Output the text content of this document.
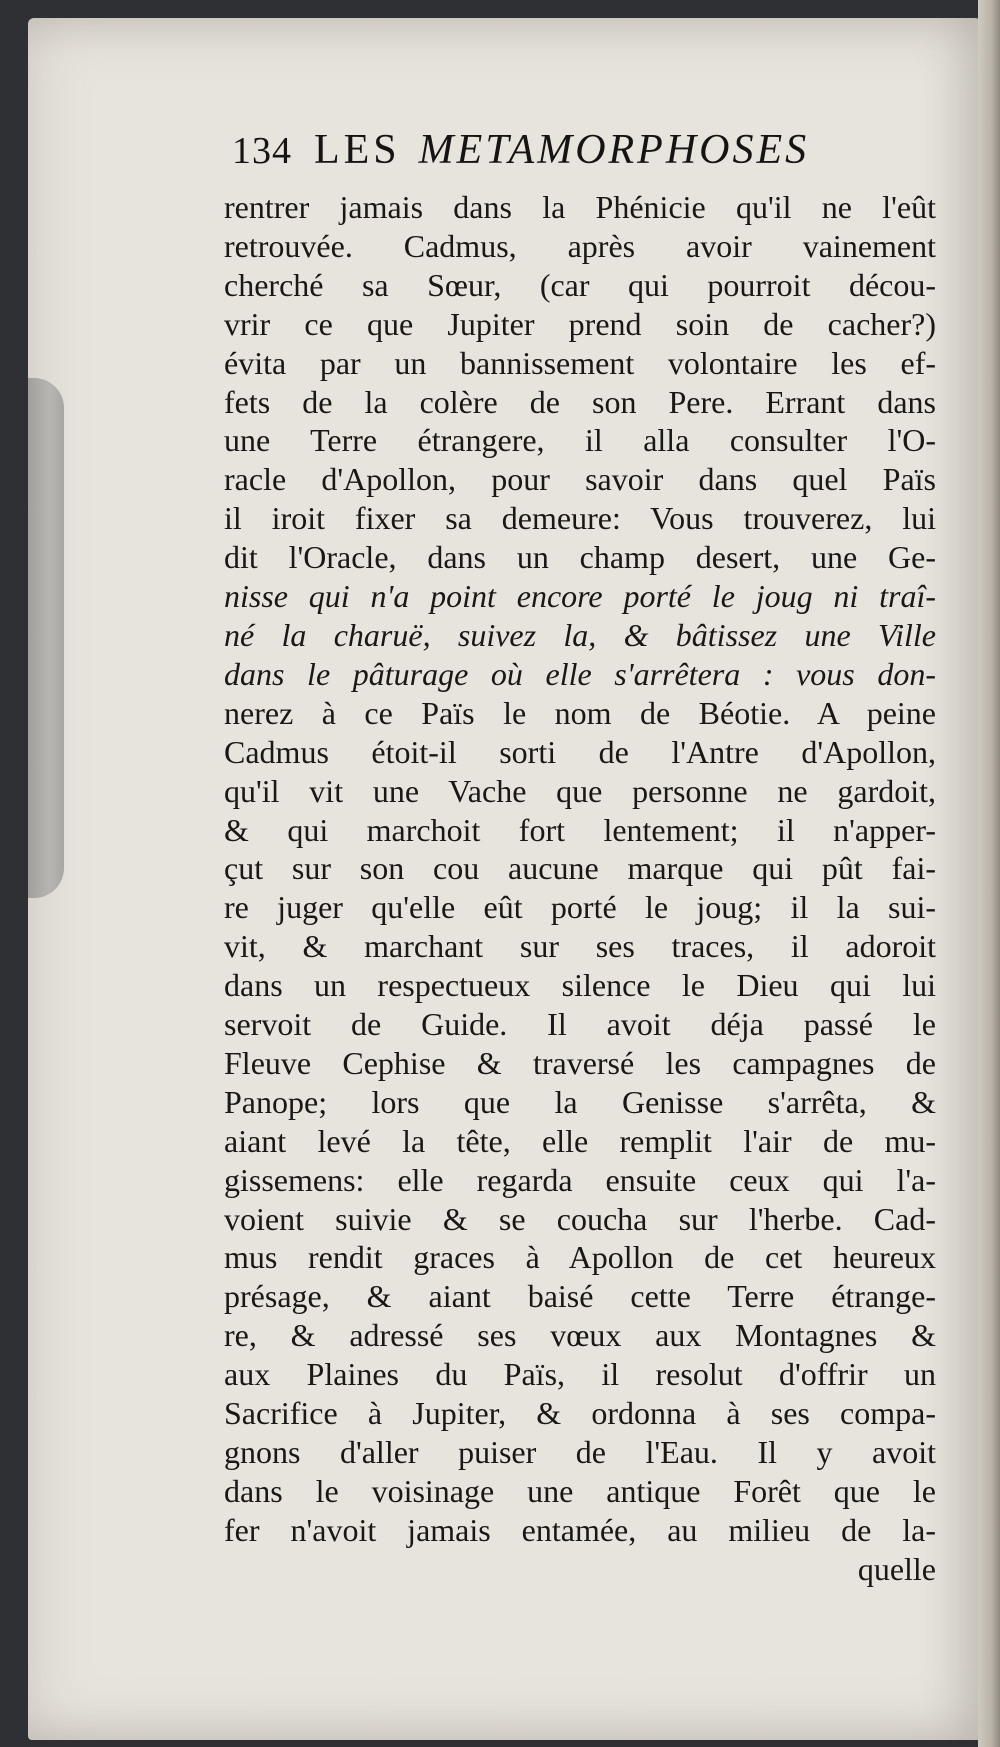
134 LES METAMORPHOSES
rentrer jamais dans la Phénicie qu'il ne l'eût
retrouvée. Cadmus, après avoir vainement
cherché sa Sœur, (car qui pourroit décou-
vrir ce que Jupiter prend soin de cacher?)
évita par un bannissement volontaire les ef-
fets de la colère de son Pere. Errant dans
une Terre étrangere, il alla consulter l'O-
racle d'Apollon, pour savoir dans quel Païs
il iroit fixer sa demeure: Vous trouverez, lui
dit l'Oracle, dans un champ desert, une Ge-
nisse qui n'a point encore porté le joug ni traî-
né la charuë, suivez la, & bâtissez une Ville
dans le pâturage où elle s'arrêtera : vous don-
nerez à ce Païs le nom de Béotie. A peine
Cadmus étoit-il sorti de l'Antre d'Apollon,
qu'il vit une Vache que personne ne gardoit,
& qui marchoit fort lentement; il n'apper-
çut sur son cou aucune marque qui pût fai-
re juger qu'elle eût porté le joug; il la sui-
vit, & marchant sur ses traces, il adoroit
dans un respectueux silence le Dieu qui lui
servoit de Guide. Il avoit déja passé le
Fleuve Cephise & traversé les campagnes de
Panope; lors que la Genisse s'arrêta, &
aiant levé la tête, elle remplit l'air de mu-
gissemens: elle regarda ensuite ceux qui l'a-
voient suivie & se coucha sur l'herbe. Cad-
mus rendit graces à Apollon de cet heureux
présage, & aiant baisé cette Terre étrange-
re, & adressé ses vœux aux Montagnes &
aux Plaines du Païs, il resolut d'offrir un
Sacrifice à Jupiter, & ordonna à ses compa-
gnons d'aller puiser de l'Eau. Il y avoit
dans le voisinage une antique Forêt que le
fer n'avoit jamais entamée, au milieu de la-
quelle
